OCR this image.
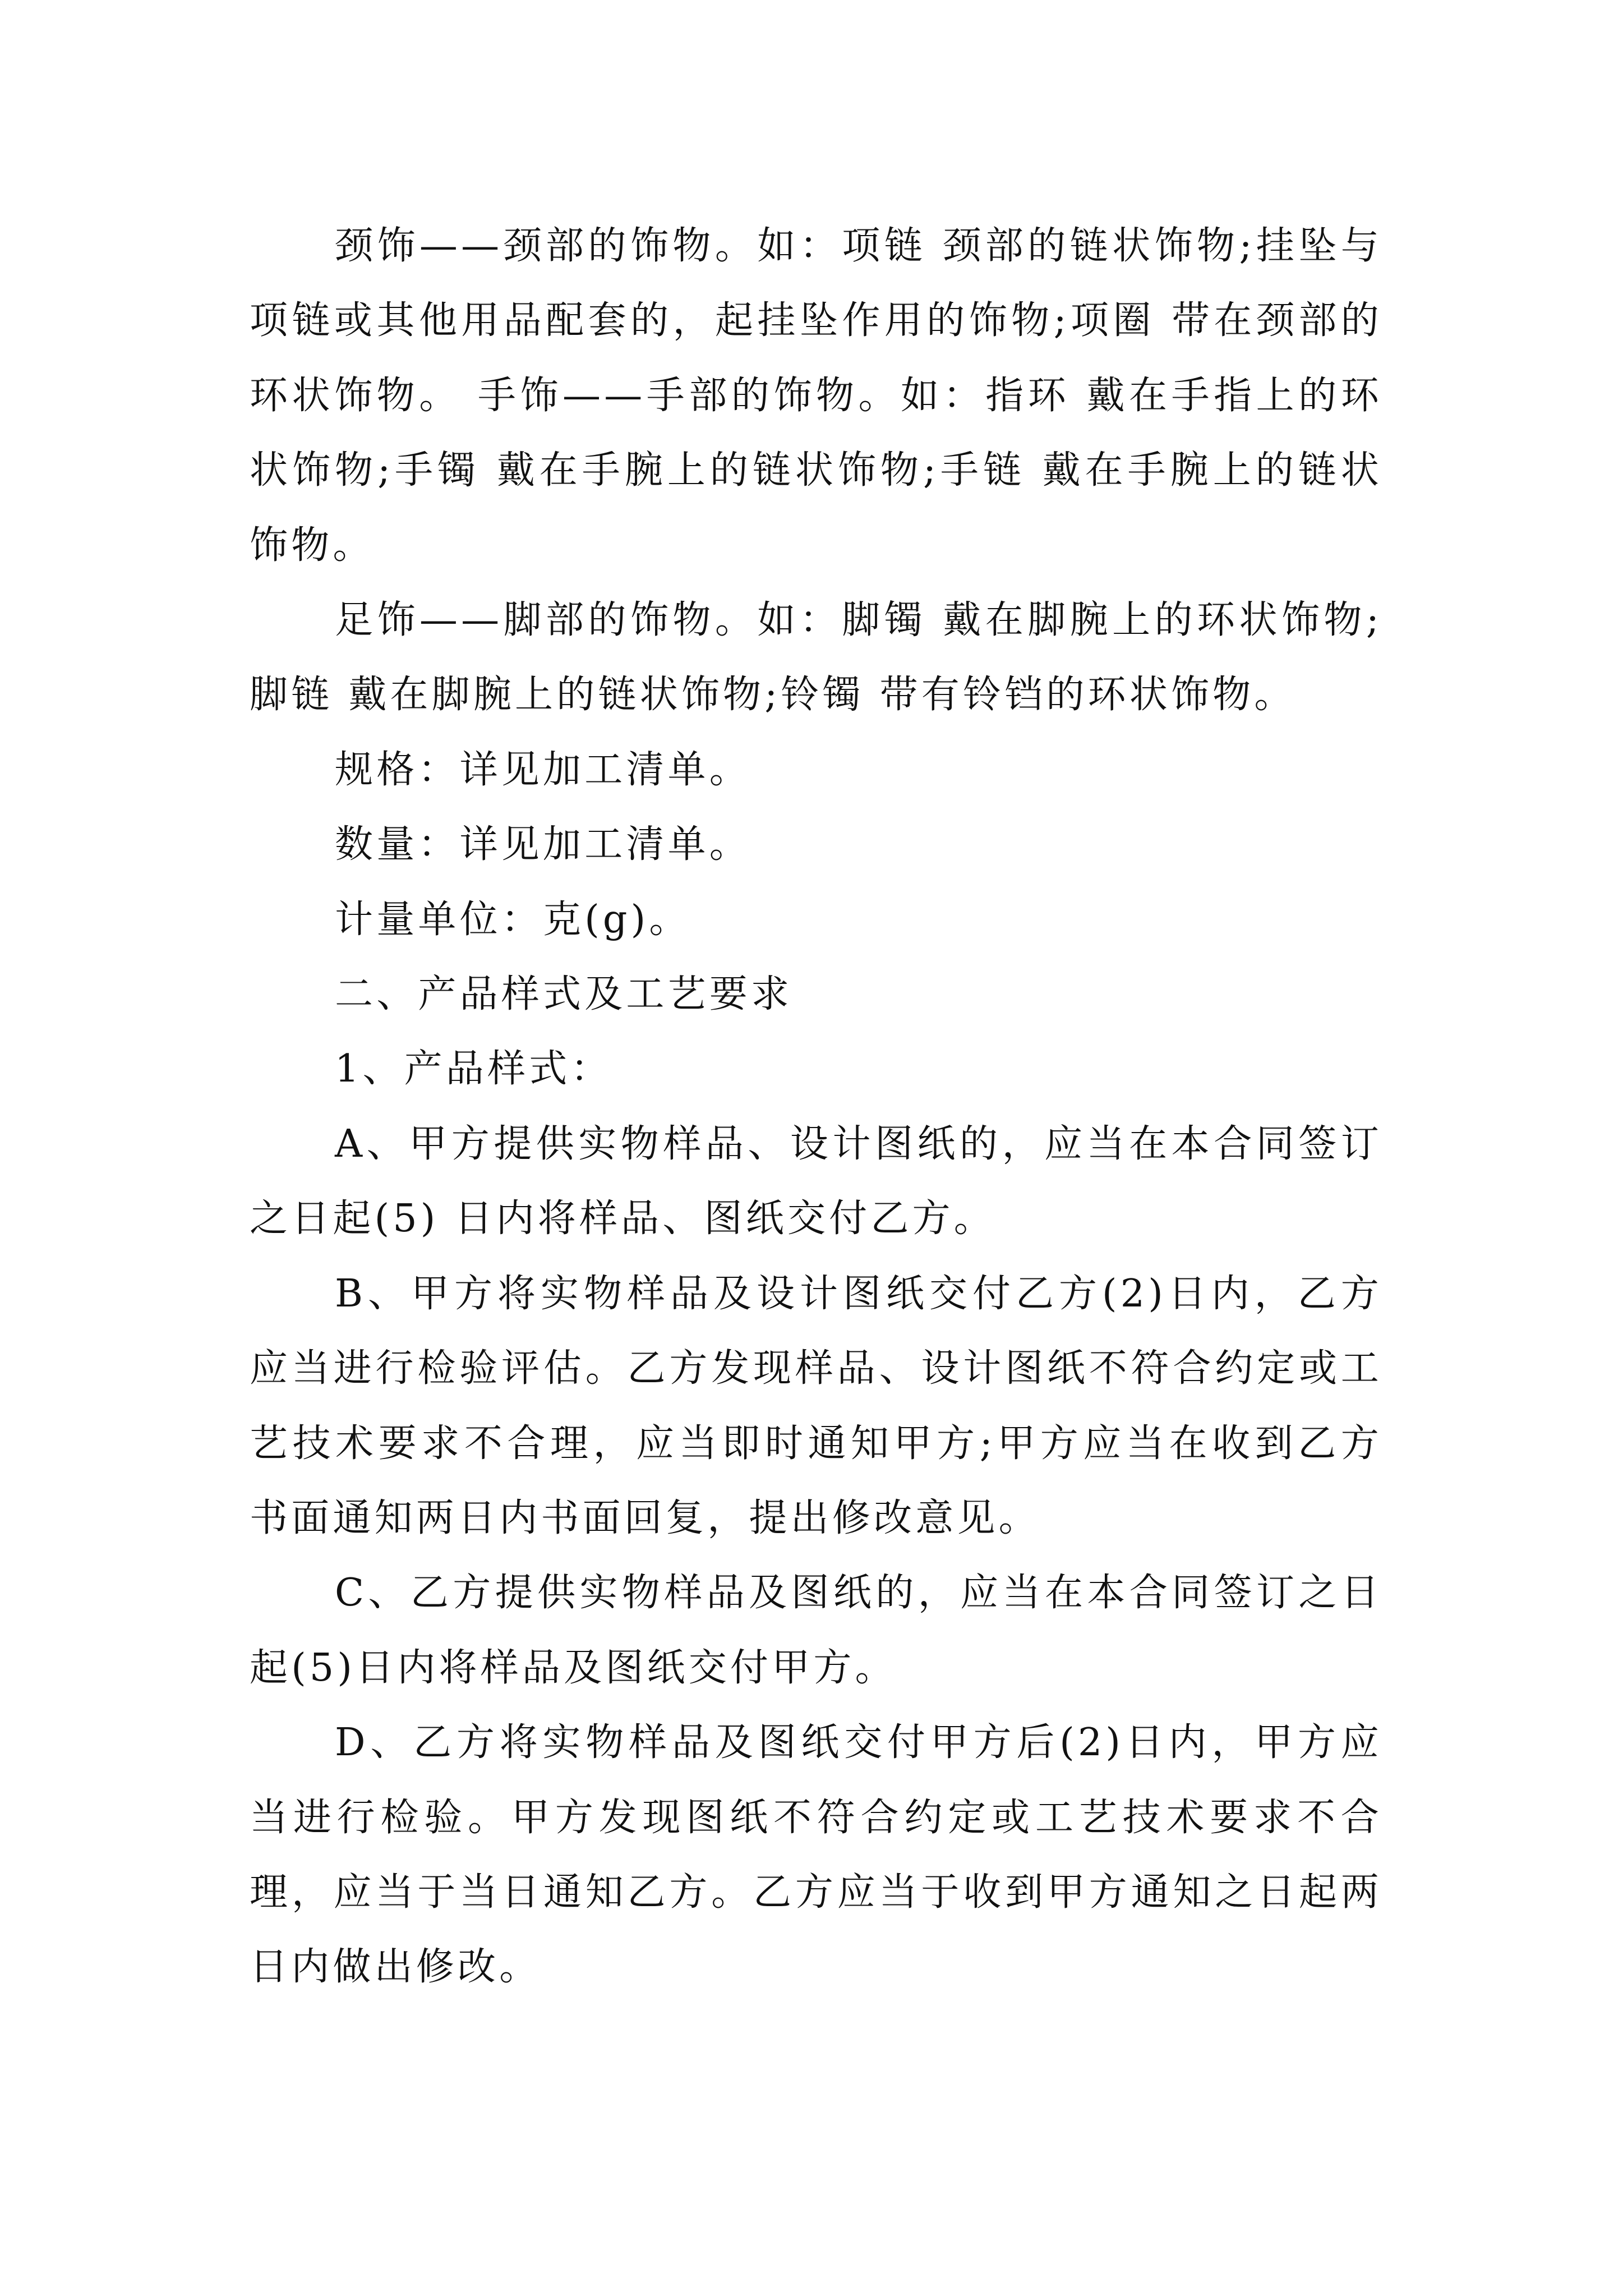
颈饰——颈部的饰物。如：项链 颈部的链状饰物;挂坠与项链或其他用品配套的，起挂坠作用的饰物;项圈 带在颈部的环状饰物。 手饰——手部的饰物。如：指环 戴在手指上的环状饰物;手镯 戴在手腕上的链状饰物;手链 戴在手腕上的链状饰物。

足饰——脚部的饰物。如：脚镯 戴在脚腕上的环状饰物;脚链 戴在脚腕上的链状饰物;铃镯 带有铃铛的环状饰物。

规格：详见加工清单。

数量：详见加工清单。

计量单位：克(g)。

二、产品样式及工艺要求

1、产品样式：

A、甲方提供实物样品、设计图纸的，应当在本合同签订之日起(5) 日内将样品、图纸交付乙方。

B、甲方将实物样品及设计图纸交付乙方(2)日内，乙方应当进行检验评估。乙方发现样品、设计图纸不符合约定或工艺技术要求不合理，应当即时通知甲方;甲方应当在收到乙方书面通知两日内书面回复，提出修改意见。

C、乙方提供实物样品及图纸的，应当在本合同签订之日起(5)日内将样品及图纸交付甲方。

D、乙方将实物样品及图纸交付甲方后(2)日内，甲方应当进行检验。甲方发现图纸不符合约定或工艺技术要求不合理，应当于当日通知乙方。乙方应当于收到甲方通知之日起两日内做出修改。
